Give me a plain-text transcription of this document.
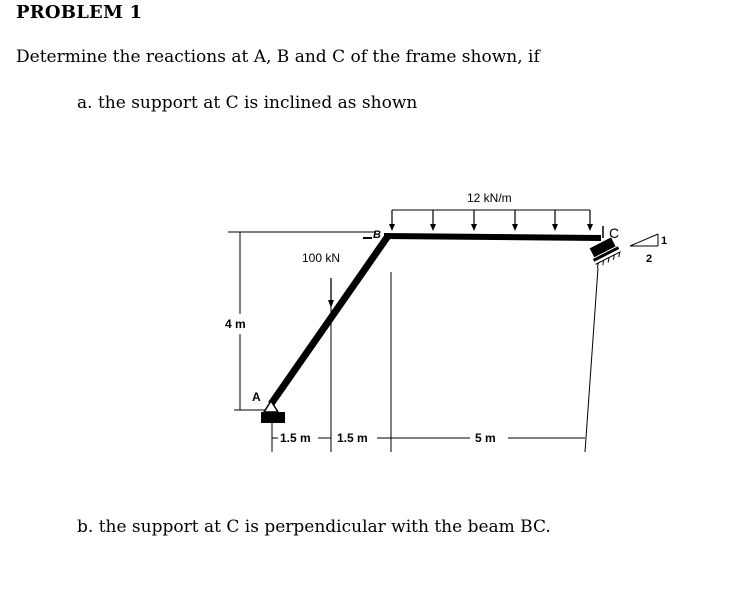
PROBLEM 1

Determine the reactions at A, B and C of the frame shown, if

a. the support at C is inclined as shown

4 m
A
B
100 kN
12 kN/m
C	1
2
1.5 m 1.5 m	5 m

b. the support at C is perpendicular with the beam BC.
